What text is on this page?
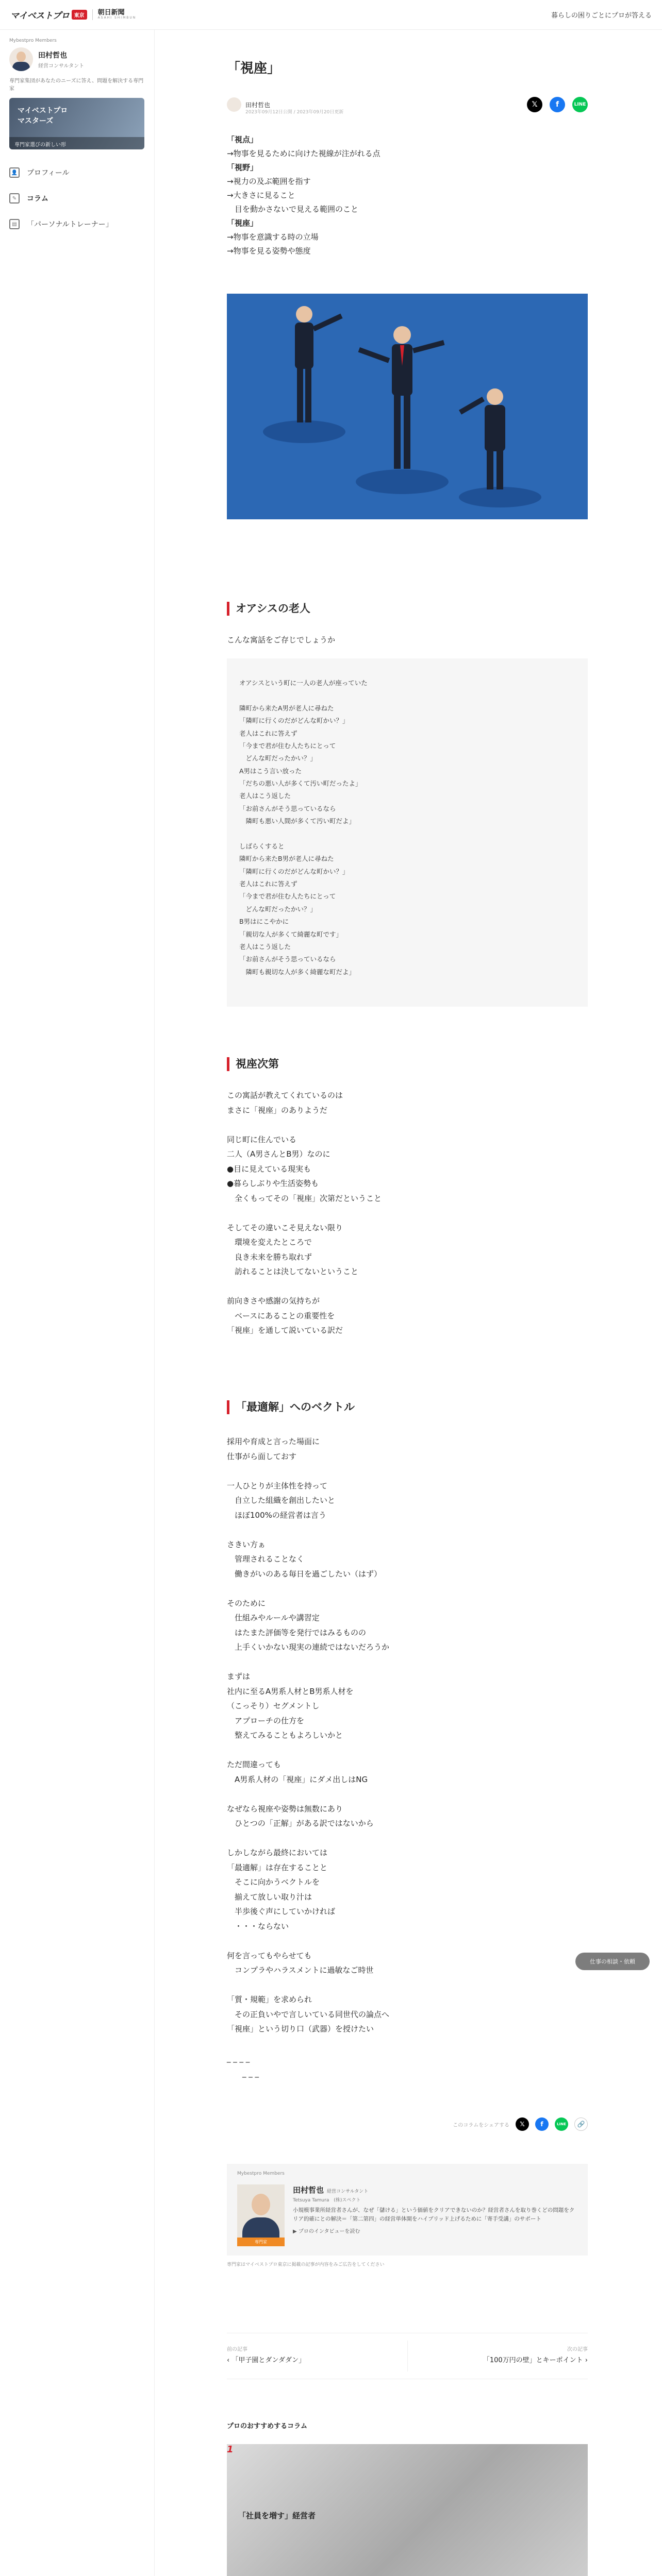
マイベストプロ 東京	朝日新聞
ASAHI SHIMBUN	暮らしの困りごとにプロが答える
Mybestpro Members
田村哲也
経営コンサルタント
専門家集団があなたのニーズに答え、問題を解決する専門家
マイベストプロ
マスターズ
専門家選びの新しい形
👤 プロフィール
✎	コラム
▤	「パーソナルトレーナー」
「視座」
田村哲也
2023年09月12日公開 / 2023年09月20日更新
𝕏	f	LINE

「視点」

→物事を見るために向けた視線が注がれる点

「視野」

→視力の及ぶ範囲を指す

→大きさに見ること

　目を動かさないで見える範囲のこと

「視座」

→物事を意識する時の立場

→物事を見る姿勢や態度

オアシスの老人
こんな寓話をご存じでしょうか
オアシスという町に一人の老人が座っていた

隣町から来たA男が老人に尋ねた
「隣町に行くのだがどんな町かい？」
老人はこれに答えず
「今まで君が住む人たちにとって
　どんな町だったかい？」
A男はこう言い放った
「だちの悪い人が多くて汚い町だったよ」
老人はこう返した
「お前さんがそう思っているなら
　隣町も悪い人間が多くて汚い町だよ」

しばらくすると
隣町から来たB男が老人に尋ねた
「隣町に行くのだがどんな町かい？」
老人はこれに答えず
「今まで君が住む人たちにとって
　どんな町だったかい？」
B男はにこやかに
「親切な人が多くて綺麗な町です」
老人はこう返した
「お前さんがそう思っているなら
　隣町も親切な人が多く綺麗な町だよ」
視座次第
この寓話が教えてくれているのは
まさに「視座」のありようだ

同じ町に住んでいる
二人（A男さんとB男）なのに
●目に見えている現実も
●暮らしぶりや生活姿勢も
　全くもってその「視座」次第だということ

そしてその違いこそ見えない限り
　環境を変えたところで
　良き未来を勝ち取れず
　訪れることは決してないということ

前向きさや感謝の気持ちが
　ベースにあることの重要性を
「視座」を通して説いている訳だ
「最適解」へのベクトル
採用や育成と言った場面に
仕事がら面しておす

一人ひとりが主体性を持って
　自立した組織を創出したいと
　ほぼ100%の経営者は言う

さきい方ぁ
　管理されることなく
　働きがいのある毎日を過ごしたい（はず）

そのために
　仕組みやルールや講習定
　はたまた評価等を発行ではみるものの
　上手くいかない現実の連続ではないだろうか

まずは
社内に至るA男系人材とB男系人材を
（こっそり）セグメントし
　アプローチの仕方を
　整えてみることもよろしいかと

ただ間違っても
　A男系人材の「視座」にダメ出しはNG

なぜなら視座や姿勢は無数にあり
　ひとつの「正解」がある訳ではないから

しかしながら最終においては
「最適解」は存在することと
　そこに向かうベクトルを
　揃えて放しい取り汁は
　半歩後ぐ声にしていかければ
　・・・ならない

何を言ってもやらせても
　コンプラやハラスメントに過敏なご時世

「質・規範」を求められ
　その正負いやで言しいている同世代の論点へ
「視座」という切り口（武器）を授けたい

_ _ _ _
　　_ _ _
このコラムをシェアする	𝕏	f	LINE	🔗
Mybestpro Members
専門家
田村哲也 経営コンサルタント
Tetsuya Tamura　 (株)スペクト
小規模事業所経営者さんが、なぜ「儲ける」という価値をクリアできないのか？経営者さんを取り巻くどの問題をクリア的確にとの解決＝「第二第四」の経営単体開をハイブリッド上げるために「寄手受講」のサポート
▶ プロのインタビューを読む
専門家はマイベストプロ東京に掲載の記事が内容をみご広告をしてください
前の記事
‹ 「甲子園とダンダダン」
次の記事
「100万円の壁」とキーポイント ›
プロのおすすめするコラム
1
「社員を増す」経営者
仕事の相談・依頼
